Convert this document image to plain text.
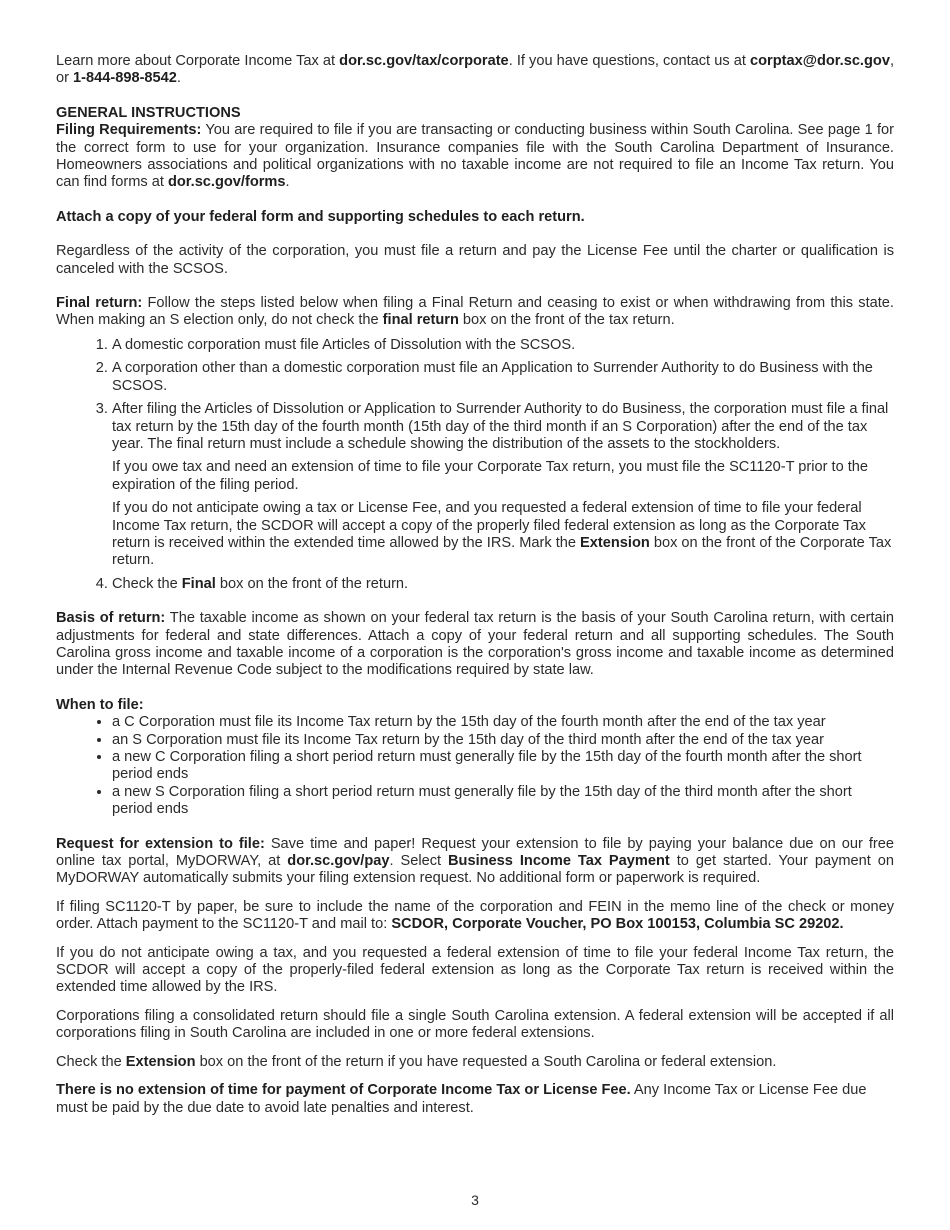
Learn more about Corporate Income Tax at dor.sc.gov/tax/corporate. If you have questions, contact us at corptax@dor.sc.gov, or 1-844-898-8542.

GENERAL INSTRUCTIONS

Filing Requirements: You are required to file if you are transacting or conducting business within South Carolina. See page 1 for the correct form to use for your organization. Insurance companies file with the South Carolina Department of Insurance. Homeowners associations and political organizations with no taxable income are not required to file an Income Tax return. You can find forms at dor.sc.gov/forms.

Attach a copy of your federal form and supporting schedules to each return.

Regardless of the activity of the corporation, you must file a return and pay the License Fee until the charter or qualification is canceled with the SCSOS.

Final return: Follow the steps listed below when filing a Final Return and ceasing to exist or when withdrawing from this state. When making an S election only, do not check the final return box on the front of the tax return.

1. A domestic corporation must file Articles of Dissolution with the SCSOS.
2. A corporation other than a domestic corporation must file an Application to Surrender Authority to do Business with the SCSOS.
3. After filing the Articles of Dissolution or Application to Surrender Authority to do Business, the corporation must file a final tax return by the 15th day of the fourth month (15th day of the third month if an S Corporation) after the end of the tax year. The final return must include a schedule showing the distribution of the assets to the stockholders.

If you owe tax and need an extension of time to file your Corporate Tax return, you must file the SC1120-T prior to the expiration of the filing period.

If you do not anticipate owing a tax or License Fee, and you requested a federal extension of time to file your federal Income Tax return, the SCDOR will accept a copy of the properly filed federal extension as long as the Corporate Tax return is received within the extended time allowed by the IRS. Mark the Extension box on the front of the Corporate Tax return.

4. Check the Final box on the front of the return.

Basis of return: The taxable income as shown on your federal tax return is the basis of your South Carolina return, with certain adjustments for federal and state differences. Attach a copy of your federal return and all supporting schedules. The South Carolina gross income and taxable income of a corporation is the corporation's gross income and taxable income as determined under the Internal Revenue Code subject to the modifications required by state law.

When to file:

• a C Corporation must file its Income Tax return by the 15th day of the fourth month after the end of the tax year
• an S Corporation must file its Income Tax return by the 15th day of the third month after the end of the tax year
• a new C Corporation filing a short period return must generally file by the 15th day of the fourth month after the short period ends
• a new S Corporation filing a short period return must generally file by the 15th day of the third month after the short period ends

Request for extension to file: Save time and paper! Request your extension to file by paying your balance due on our free online tax portal, MyDORWAY, at dor.sc.gov/pay. Select Business Income Tax Payment to get started. Your payment on MyDORWAY automatically submits your filing extension request. No additional form or paperwork is required.

If filing SC1120-T by paper, be sure to include the name of the corporation and FEIN in the memo line of the check or money order. Attach payment to the SC1120-T and mail to: SCDOR, Corporate Voucher, PO Box 100153, Columbia SC 29202.

If you do not anticipate owing a tax, and you requested a federal extension of time to file your federal Income Tax return, the SCDOR will accept a copy of the properly-filed federal extension as long as the Corporate Tax return is received within the extended time allowed by the IRS.

Corporations filing a consolidated return should file a single South Carolina extension. A federal extension will be accepted if all corporations filing in South Carolina are included in one or more federal extensions.

Check the Extension box on the front of the return if you have requested a South Carolina or federal extension.

There is no extension of time for payment of Corporate Income Tax or License Fee. Any Income Tax or License Fee due must be paid by the due date to avoid late penalties and interest.

3
